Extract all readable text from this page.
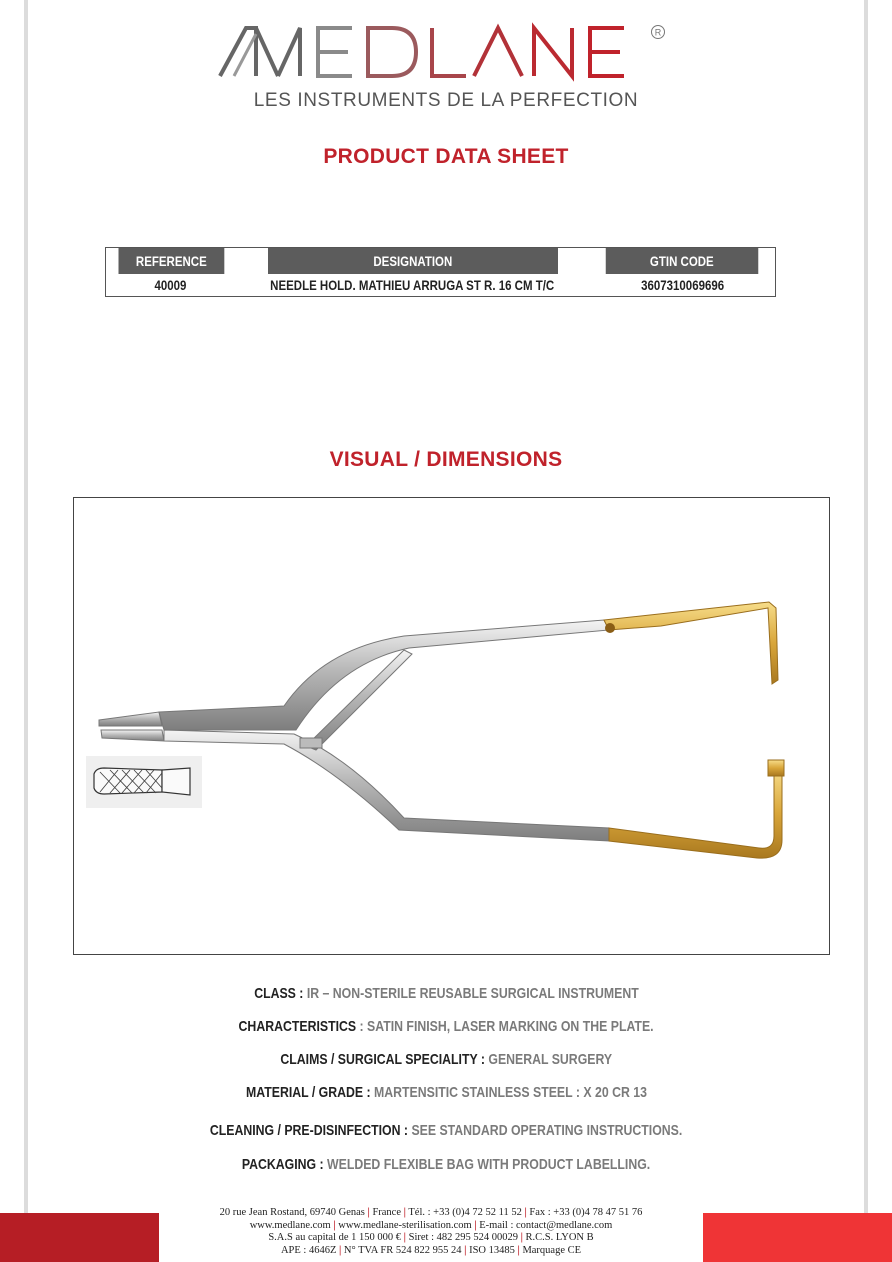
R
LES INSTRUMENTS DE LA PERFECTION
PRODUCT DATA SHEET
REFERENCE	DESIGNATION	GTIN CODE
40009	NEEDLE HOLD. MATHIEU ARRUGA ST R. 16 CM T/C	3607310069696
VISUAL / DIMENSIONS
CLASS : IR – NON-STERILE REUSABLE SURGICAL INSTRUMENT
CHARACTERISTICS : SATIN FINISH, LASER MARKING ON THE PLATE.
CLAIMS / SURGICAL SPECIALITY : GENERAL SURGERY
MATERIAL / GRADE : MARTENSITIC STAINLESS STEEL : X 20 CR 13
CLEANING / PRE-DISINFECTION : SEE STANDARD OPERATING INSTRUCTIONS.
PACKAGING : WELDED FLEXIBLE BAG WITH PRODUCT LABELLING.
20 rue Jean Rostand, 69740 Genas | France | Tél. : +33 (0)4 72 52 11 52 | Fax : +33 (0)4 78 47 51 76
www.medlane.com | www.medlane-sterilisation.com | E-mail : contact@medlane.com
S.A.S au capital de 1 150 000 € | Siret : 482 295 524 00029 | R.C.S. LYON B
APE : 4646Z | N° TVA FR 524 822 955 24 | ISO 13485 | Marquage CE
